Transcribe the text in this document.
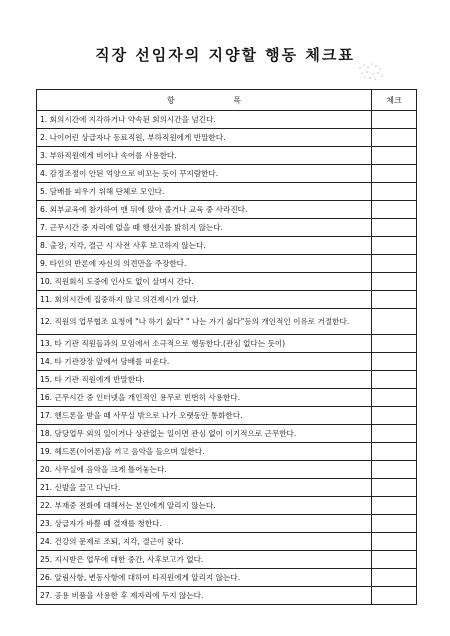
직장 선임자의 지양할 행동 체크표
항 목	체크
1. 회의시간에 지각하거나 약속된 회의시간을 넘긴다.	
2. 나이어린 상급자나 동료직원, 부하직원에게 반말한다.	
3. 부하직원에게 비어나 속어를 사용한다.	
4. 감정조절이 안된 억양으로 비꼬는 듯이 꾸지람한다.	
5. 담배를 피우기 위해 단체로 모인다.	
6. 외부교육에 참가하여 맨 뒤에 앉아 졸거나 교육 중 사라진다.	
7. 근무시간 중 자리에 없을 때 행선지를 밝히지 않는다.	
8. 출장, 지각, 결근 시 사전 사후 보고하지 않는다.	
9. 타인의 반론에 자신의 의견만을 주장한다.	
10. 직원회식 도중에 인사도 없이 살며시 간다.	
11. 회의시간에 집중하지 않고 의견제시가 없다.	
12. 직원의 업무협조 요청에 "나 하기 싫다" " 나는 가기 싫다"등의 개인적인 이유로 거절한다.	
13. 타 기관 직원들과의 모임에서 소극적으로 행동한다.(관심 없다는 듯이)	
14. 타 기관장장 앞에서 담배를 피운다.	
15. 타 기관 직원에게 반말한다.	
16. 근무시간 중 인터넷을 개인적인 용무로 빈번히 사용한다.	
17. 핸드폰을 받을 때 사무실 밖으로 나가 오랫동안 통화한다.	
18. 담당업무 외의 일이거나 상관없는 일이면 관심 없이 이기적으로 근무한다.	
19. 헤드폰(이어폰)을 끼고 음악을 들으며 일한다.	
20. 사무실에 음악을 크게 틀어놓는다.	
21. 신발을 끌고 다닌다.	
22. 부재중 전화에 대해서는 본인에게 알리지 않는다.	
23. 상급자가 바쁠 때 결재를 청한다.	
24. 건강의 문제로 조퇴, 지각, 결근이 잦다.	
25. 지시받은 업무에 대한 중간, 사후보고가 없다.	
26. 알림사항, 변동사항에 대하여 타직원에게 알리지 않는다.	
27. 공용 비품을 사용한 후 제자리에 두지 않는다.	
